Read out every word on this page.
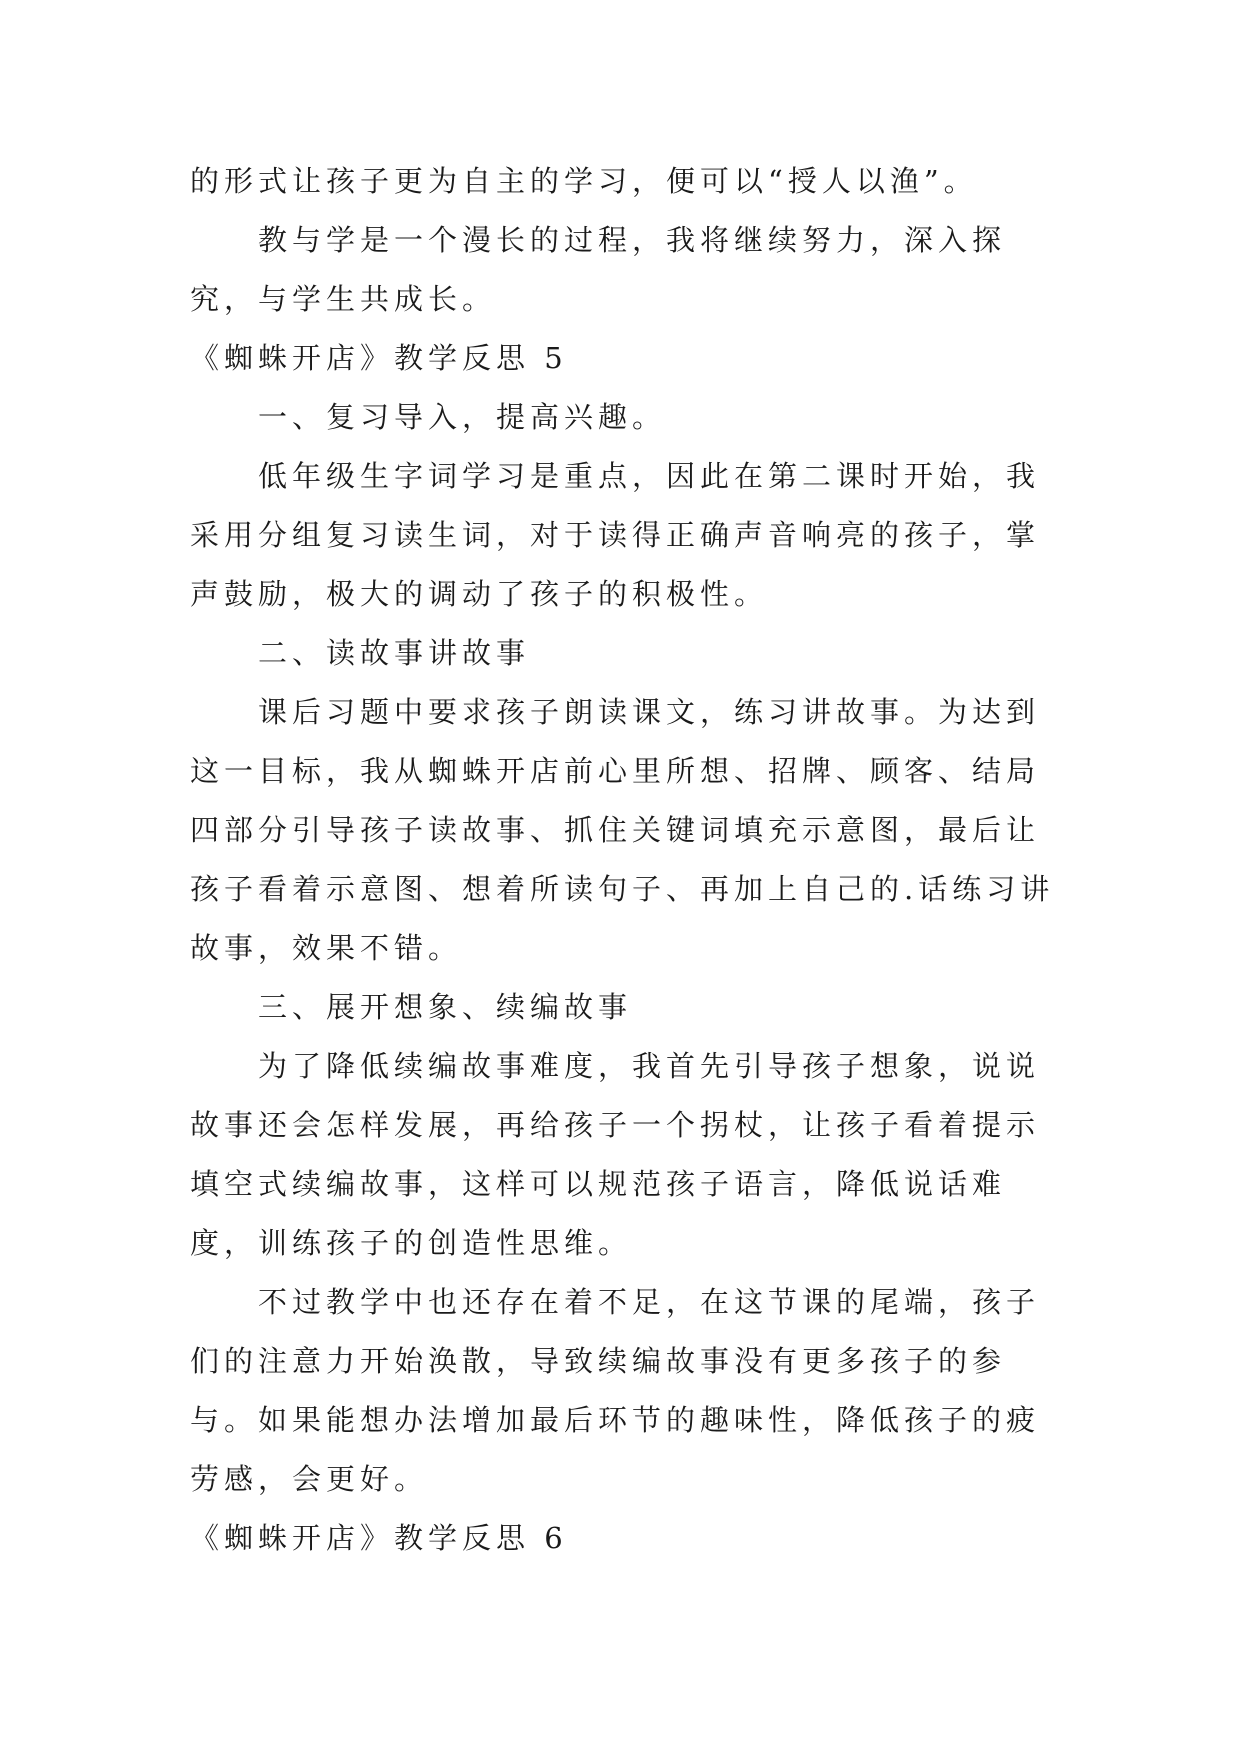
的形式让孩子更为自主的学习，便可以“授人以渔”。

教与学是一个漫长的过程，我将继续努力，深入探究，与学生共成长。

《蜘蛛开店》教学反思 5

一、复习导入，提高兴趣。

低年级生字词学习是重点，因此在第二课时开始，我采用分组复习读生词，对于读得正确声音响亮的孩子，掌声鼓励，极大的调动了孩子的积极性。

二、读故事讲故事

课后习题中要求孩子朗读课文，练习讲故事。为达到这一目标，我从蜘蛛开店前心里所想、招牌、顾客、结局四部分引导孩子读故事、抓住关键词填充示意图，最后让孩子看着示意图、想着所读句子、再加上自己的.话练习讲故事，效果不错。

三、展开想象、续编故事

为了降低续编故事难度，我首先引导孩子想象，说说故事还会怎样发展，再给孩子一个拐杖，让孩子看着提示填空式续编故事，这样可以规范孩子语言，降低说话难度，训练孩子的创造性思维。

不过教学中也还存在着不足，在这节课的尾端，孩子们的注意力开始涣散，导致续编故事没有更多孩子的参与。如果能想办法增加最后环节的趣味性，降低孩子的疲劳感，会更好。

《蜘蛛开店》教学反思 6
